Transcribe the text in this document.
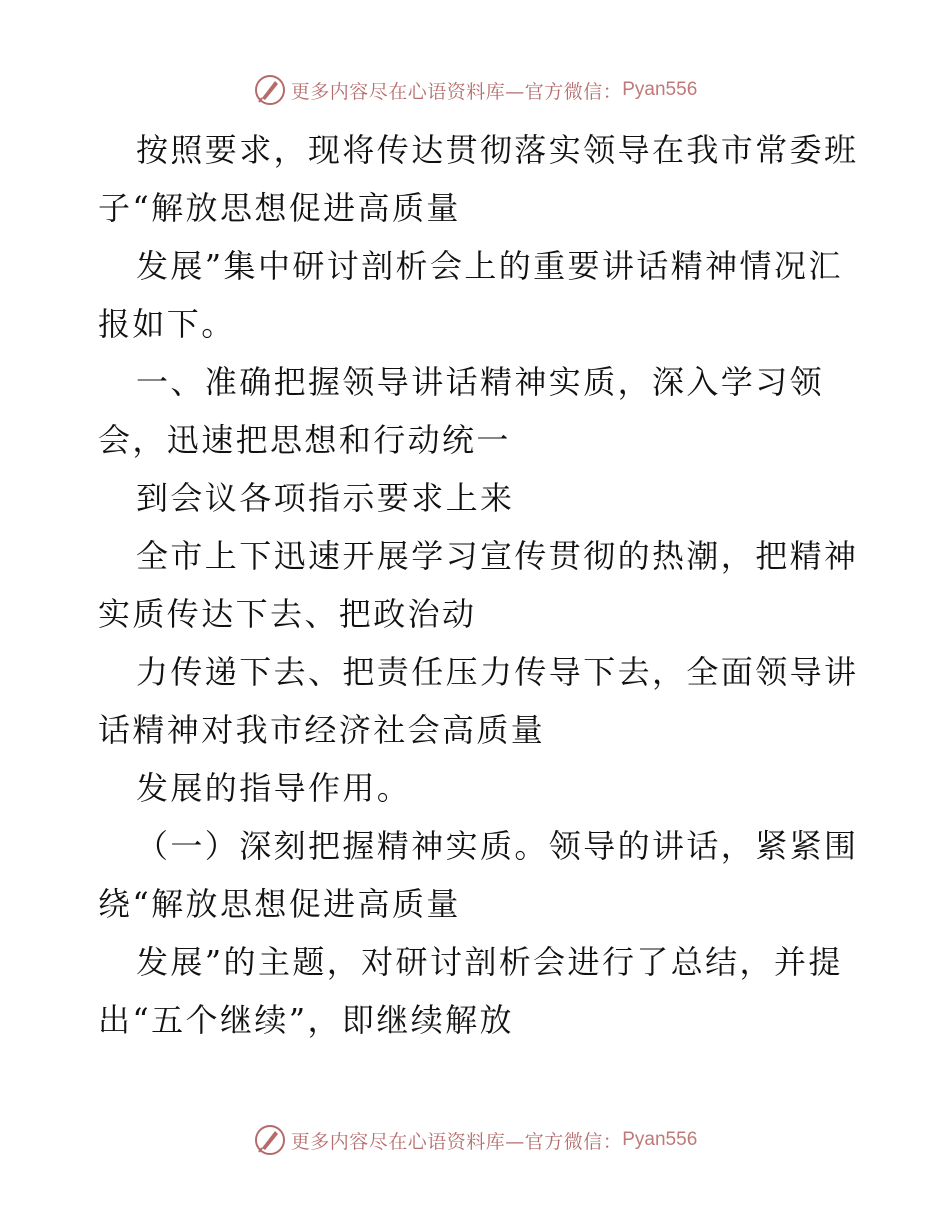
更多内容尽在心语资料库—官方微信： Pyan556
按照要求，现将传达贯彻落实领导在我市常委班
子“解放思想促进高质量
发展”集中研讨剖析会上的重要讲话精神情况汇
报如下。
一、准确把握领导讲话精神实质，深入学习领
会，迅速把思想和行动统一
到会议各项指示要求上来
全市上下迅速开展学习宣传贯彻的热潮，把精神
实质传达下去、把政治动
力传递下去、把责任压力传导下去，全面领导讲
话精神对我市经济社会高质量
发展的指导作用。
（一）深刻把握精神实质。领导的讲话，紧紧围
绕“解放思想促进高质量
发展”的主题，对研讨剖析会进行了总结，并提
出“五个继续”，即继续解放
更多内容尽在心语资料库—官方微信： Pyan556
